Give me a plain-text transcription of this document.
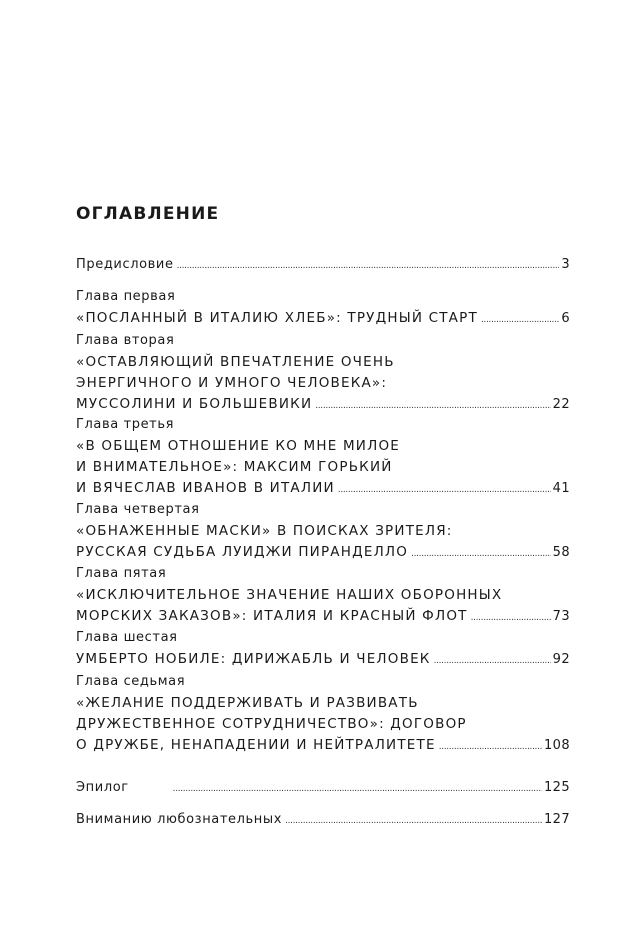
ОГЛАВЛЕНИЕ
Предисловие . . .	3
Глава первая
«ПОСЛАННЫЙ В ИТАЛИЮ ХЛЕБ»: ТРУДНЫЙ СТАРТ . . .	6
Глава вторая
«ОСТАВЛЯЮЩИЙ ВПЕЧАТЛЕНИЕ ОЧЕНЬ
ЭНЕРГИЧНОГО И УМНОГО ЧЕЛОВЕКА»:
МУССОЛИНИ И БОЛЬШЕВИКИ . . .	22
Глава третья
«В ОБЩЕМ ОТНОШЕНИЕ КО МНЕ МИЛОЕ
И ВНИМАТЕЛЬНОЕ»: МАКСИМ ГОРЬКИЙ
И ВЯЧЕСЛАВ ИВАНОВ В ИТАЛИИ . . .	41
Глава четвертая
«ОБНАЖЕННЫЕ МАСКИ» В ПОИСКАХ ЗРИТЕЛЯ:
РУССКАЯ СУДЬБА ЛУИДЖИ ПИРАНДЕЛЛО . . .	58
Глава пятая
«ИСКЛЮЧИТЕЛЬНОЕ ЗНАЧЕНИЕ НАШИХ ОБОРОННЫХ
МОРСКИХ ЗАКАЗОВ»: ИТАЛИЯ И КРАСНЫЙ ФЛОТ . . .	73
Глава шестая
УМБЕРТО НОБИЛЕ: ДИРИЖАБЛЬ И ЧЕЛОВЕК . . .	92
Глава седьмая
«ЖЕЛАНИЕ ПОДДЕРЖИВАТЬ И РАЗВИВАТЬ
ДРУЖЕСТВЕННОЕ СОТРУДНИЧЕСТВО»: ДОГОВОР
О ДРУЖБЕ, НЕНАПАДЕНИИ И НЕЙТРАЛИТЕТЕ . . .	108
Эпилог . . .	125
Вниманию любознательных . . .	127
